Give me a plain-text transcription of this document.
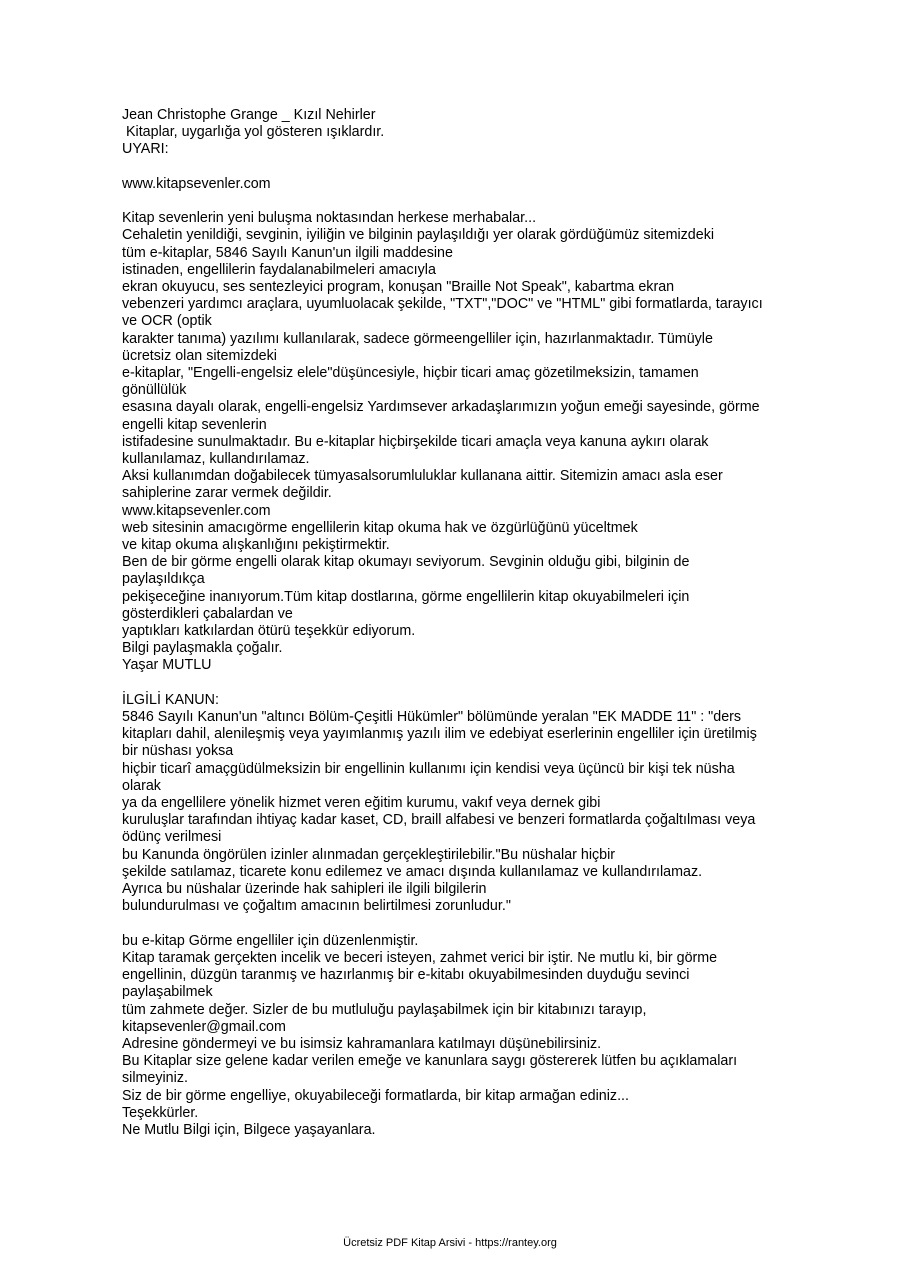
Jean Christophe Grange _ Kızıl Nehirler

Kitaplar, uygarlığa yol gösteren ışıklardır.

UYARI:

www.kitapsevenler.com

Kitap sevenlerin yeni buluşma noktasından herkese merhabalar...

Cehaletin yenildiği, sevginin, iyiliğin ve bilginin paylaşıldığı yer olarak gördüğümüz sitemizdeki

tüm e-kitaplar, 5846 Sayılı Kanun'un ilgili maddesine

istinaden, engellilerin faydalanabilmeleri amacıyla

ekran okuyucu, ses sentezleyici program, konuşan "Braille Not Speak", kabartma ekran

vebenzeri yardımcı araçlara, uyumluolacak şekilde, "TXT","DOC" ve "HTML" gibi formatlarda, tarayıcı

ve OCR (optik

karakter tanıma) yazılımı kullanılarak, sadece görmeengelliler için, hazırlanmaktadır. Tümüyle

ücretsiz olan sitemizdeki

e-kitaplar, "Engelli-engelsiz elele"düşüncesiyle, hiçbir ticari amaç gözetilmeksizin, tamamen

gönüllülük

esasına dayalı olarak, engelli-engelsiz Yardımsever arkadaşlarımızın yoğun emeği sayesinde, görme

engelli kitap sevenlerin

istifadesine sunulmaktadır. Bu e-kitaplar hiçbirşekilde ticari amaçla veya kanuna aykırı olarak

kullanılamaz, kullandırılamaz.

Aksi kullanımdan doğabilecek tümyasalsorumluluklar kullanana aittir. Sitemizin amacı asla eser

sahiplerine zarar vermek değildir.

www.kitapsevenler.com

web sitesinin amacıgörme engellilerin kitap okuma hak ve özgürlüğünü yüceltmek

ve kitap okuma alışkanlığını pekiştirmektir.

Ben de bir görme engelli olarak kitap okumayı seviyorum. Sevginin olduğu gibi, bilginin de

paylaşıldıkça

pekişeceğine inanıyorum.Tüm kitap dostlarına, görme engellilerin kitap okuyabilmeleri için

gösterdikleri çabalardan ve

yaptıkları katkılardan ötürü teşekkür ediyorum.

Bilgi paylaşmakla çoğalır.

Yaşar MUTLU

İLGİLİ KANUN:

5846 Sayılı Kanun'un "altıncı Bölüm-Çeşitli Hükümler" bölümünde yeralan "EK MADDE 11" : "ders

kitapları dahil, alenileşmiş veya yayımlanmış yazılı ilim ve edebiyat eserlerinin engelliler için üretilmiş

bir nüshası yoksa

hiçbir ticarî amaçgüdülmeksizin bir engellinin kullanımı için kendisi veya üçüncü bir kişi tek nüsha

olarak

ya da engellilere yönelik hizmet veren eğitim kurumu, vakıf veya dernek gibi

kuruluşlar tarafından ihtiyaç kadar kaset, CD, braill alfabesi ve benzeri formatlarda çoğaltılması veya

ödünç verilmesi

bu Kanunda öngörülen izinler alınmadan gerçekleştirilebilir."Bu nüshalar hiçbir

şekilde satılamaz, ticarete konu edilemez ve amacı dışında kullanılamaz ve kullandırılamaz.

Ayrıca bu nüshalar üzerinde hak sahipleri ile ilgili bilgilerin

bulundurulması ve çoğaltım amacının belirtilmesi zorunludur."

bu e-kitap Görme engelliler için düzenlenmiştir.

Kitap taramak gerçekten incelik ve beceri isteyen, zahmet verici bir iştir. Ne mutlu ki, bir görme

engellinin, düzgün taranmış ve hazırlanmış bir e-kitabı okuyabilmesinden duyduğu sevinci

paylaşabilmek

tüm zahmete değer. Sizler de bu mutluluğu paylaşabilmek için bir kitabınızı tarayıp,

kitapsevenler@gmail.com

Adresine göndermeyi ve bu isimsiz kahramanlara katılmayı düşünebilirsiniz.

Bu Kitaplar size gelene kadar verilen emeğe ve kanunlara saygı göstererek lütfen bu açıklamaları

silmeyiniz.

Siz de bir görme engelliye, okuyabileceği formatlarda, bir kitap armağan ediniz...

Teşekkürler.

Ne Mutlu Bilgi için, Bilgece yaşayanlara.

Ücretsiz PDF Kitap Arsivi - https://rantey.org
